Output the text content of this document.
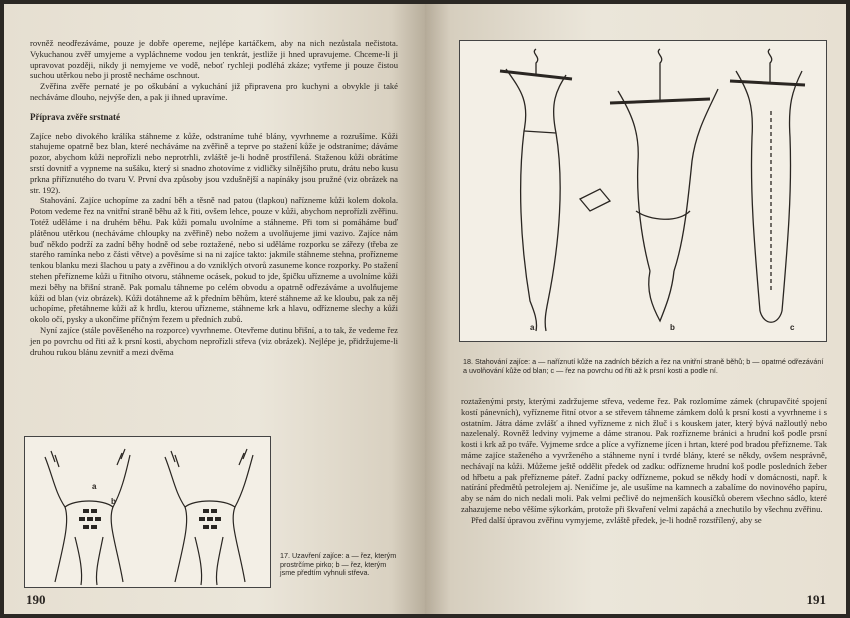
rovněž neodřezáváme, pouze je dobře opereme, nejlépe kartáčkem, aby na nich nezůstala nečistota. Vykuchanou zvěř umyjeme a vypláchneme vodou jen tenkrát, jestliže ji hned upravujeme. Chceme-li ji upravovat později, nikdy ji nemyjeme ve vodě, neboť rychleji podléhá zkáze; vytřeme ji pouze čistou suchou utěrkou nebo ji prostě necháme oschnout.

Zvěřina zvěře pernaté je po oškubání a vykuchání již připravena pro kuchyni a obvykle ji také necháváme dlouho, nejvýše den, a pak ji ihned upravíme.

Příprava zvěře srstnaté

Zajíce nebo divokého králíka stáhneme z kůže, odstraníme tuhé blány, vyvrhneme a rozrušíme. Kůži stahujeme opatrně bez blan, které necháváme na zvěřině a teprve po stažení kůže je odstraníme; dáváme pozor, abychom kůži neprořízli nebo neprotrhli, zvláště je-li hodně prostřílená. Staženou kůži obrátíme srstí dovnitř a vypneme na sušáku, který si snadno zhotovíme z vidličky silnějšího prutu, drátu nebo kusu prkna přiříznutého do tvaru V. První dva způsoby jsou vzdušnější a napínáky jsou pružné (viz obrázek na str. 192).

Stahování. Zajíce uchopíme za zadní běh a těsně nad patou (tlapkou) nařízneme kůži kolem dokola. Potom vedeme řez na vnitřní straně běhu až k řiti, ovšem lehce, pouze v kůži, abychom neprořízli zvěřinu. Totéž uděláme i na druhém běhu. Pak kůži pomalu uvolníme a stáhneme. Při tom si pomáháme buď plátěnou utěrkou (necháváme chloupky na zvěřině) nebo nožem a uvolňujeme jimi vazivo. Zajíce nám buď někdo podrží za zadní běhy hodně od sebe roztažené, nebo si uděláme rozporku se zářezy (třeba ze starého ramínka nebo z části větve) a pověsíme si na ni zajíce takto: jakmile stáhneme stehna, prořízneme tenkou blanku mezi šlachou u paty a zvěřinou a do vzniklých otvorů zasuneme konce rozporky. Po stažení stehen přeřízneme kůži u řitního otvoru, stáhneme ocásek, pokud to jde, špičku uřízneme a uvolníme kůži mezi běhy na břišní straně. Pak pomalu táhneme po celém obvodu a opatrně odřezáváme a uvolňujeme kůži od blan (viz obrázek). Kůži dotáhneme až k předním běhům, které stáhneme až ke kloubu, pak za něj uchopíme, přetáhneme kůži až k hrdlu, kterou uřízneme, stáhneme krk a hlavu, odřízneme slechy a kůži okolo očí, pysky a ukončíme příčným řezem u předních zubů.

Nyní zajíce (stále pověšeného na rozporce) vyvrhneme. Otevřeme dutinu břišní, a to tak, že vedeme řez jen po povrchu od řiti až k prsní kosti, abychom neprořízli střeva (viz obrázek). Nejlépe je, přidržujeme-li druhou rukou blánu zevnitř a mezi dvěma

a
b
17. Uzavření zajíce: a — řez, kterým prostrčíme pirko; b — řez, kterým jsme předtím vyhnuli střeva.
190
a	b	c
18. Stahování zajíce: a — naříznutí kůže na zadních bězích a řez na vnitřní straně běhů; b — opatrné odřezávání a uvolňování kůže od blan; c — řez na povrchu od řiti až k prsní kosti a podle ní.

roztaženými prsty, kterými zadržujeme střeva, vedeme řez. Pak rozlomíme zámek (chrupavčité spojení kostí pánevních), vyřízneme řitní otvor a se střevem táhneme zámkem dolů k prsní kosti a vyvrhneme i s ostatním. Játra dáme zvlášť a ihned vyřízneme z nich žluč i s kouskem jater, který bývá nažloutlý nebo nazelenalý. Rovněž ledviny vyjmeme a dáme stranou. Pak rozřízneme bránici a hrudní koš podle prsní kosti i krk až po tváře. Vyjmeme srdce a plíce a vyřízneme jícen i hrtan, které pod bradou přeřízneme. Tak máme zajíce staženého a vyvrženého a stáhneme nyní i tvrdé blány, které se někdy, ovšem nesprávně, nechávají na kůži. Můžeme ještě oddělit předek od zadku: odřízneme hrudní koš podle posledních žeber od hřbetu a pak přeřízneme páteř. Zadní packy odřízneme, pokud se někdy hodí v domácnosti, např. k natírání předmětů petrolejem aj. Neničíme je, ale usušíme na kamnech a zabalíme do novinového papíru, aby se nám do nich nedali moli. Pak velmi pečlivě do nejmenších kousíčků oberem všechno sádlo, které zahazujeme nebo věšíme sýkorkám, protože při škvaření velmi zapáchá a znechutilo by všechnu zvěřinu.

Před další úpravou zvěřinu vymyjeme, zvláště předek, je-li hodně rozstřílený, aby se

191
